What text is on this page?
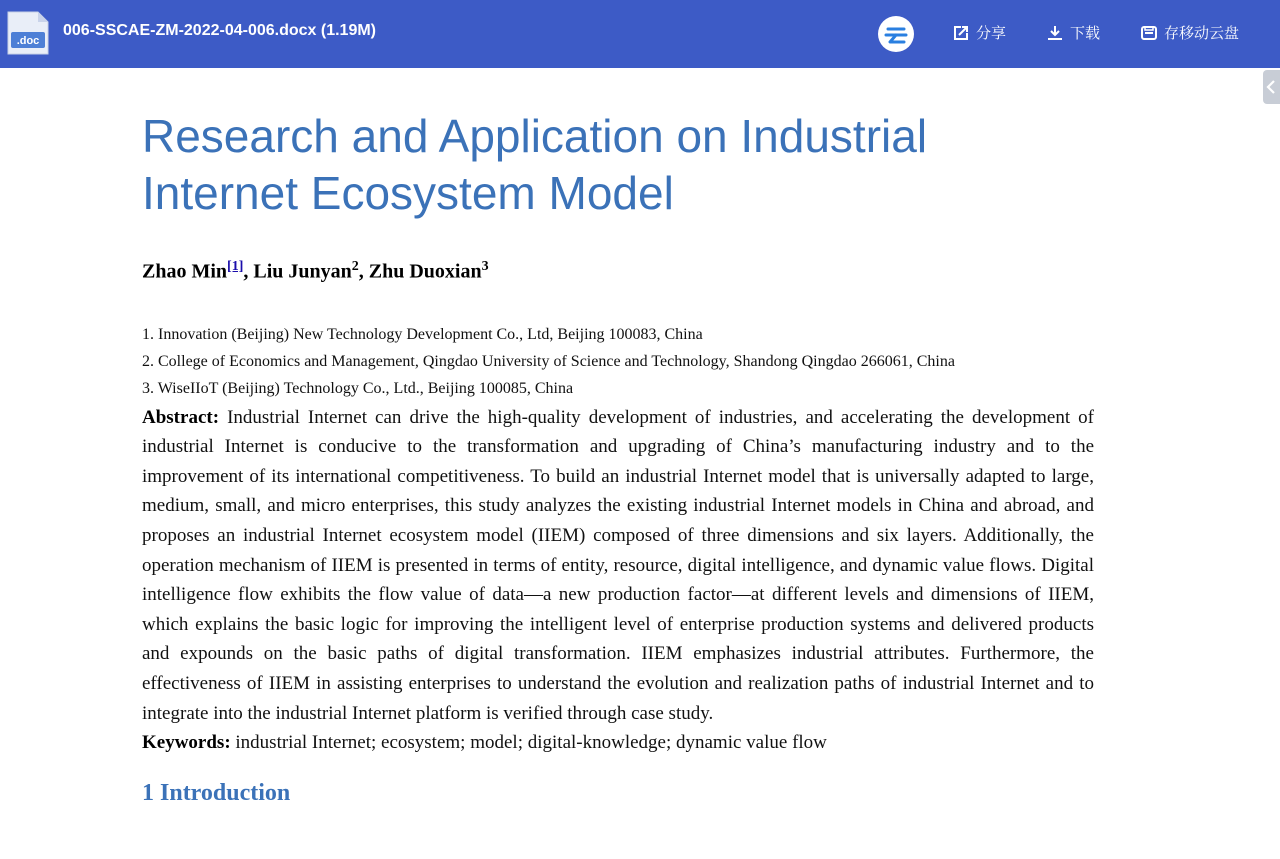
.doc
006-SSCAE-ZM-2022-04-006.docx (1.19M)	分享	下载	存移动云盘
Research and Application on Industrial
Internet Ecosystem Model
Zhao Min[1], Liu Junyan$^2$, Zhu Duoxian$^3$
1. Innovation (Beijing) New Technology Development Co., Ltd, Beijing 100083, China
2. College of Economics and Management, Qingdao University of Science and Technology, Shandong Qingdao 266061, China
3. WiseIIoT (Beijing) Technology Co., Ltd., Beijing 100085, China
Abstract: Industrial Internet can drive the high-quality development of industries, and accelerating the development of industrial Internet is conducive to the transformation and upgrading of China’s manufacturing industry and to the improvement of its international competitiveness. To build an industrial Internet model that is universally adapted to large, medium, small, and micro enterprises, this study analyzes the existing industrial Internet models in China and abroad, and proposes an industrial Internet ecosystem model (IIEM) composed of three dimensions and six layers. Additionally, the operation mechanism of IIEM is presented in terms of entity, resource, digital intelligence, and dynamic value flows. Digital intelligence flow exhibits the flow value of data—a new production factor—at different levels and dimensions of IIEM, which explains the basic logic for improving the intelligent level of enterprise production systems and delivered products and expounds on the basic paths of digital transformation. IIEM emphasizes industrial attributes. Furthermore, the effectiveness of IIEM in assisting enterprises to understand the evolution and realization paths of industrial Internet and to integrate into the industrial Internet platform is verified through case study.
Keywords: industrial Internet; ecosystem; model; digital-knowledge; dynamic value flow
1 Introduction
